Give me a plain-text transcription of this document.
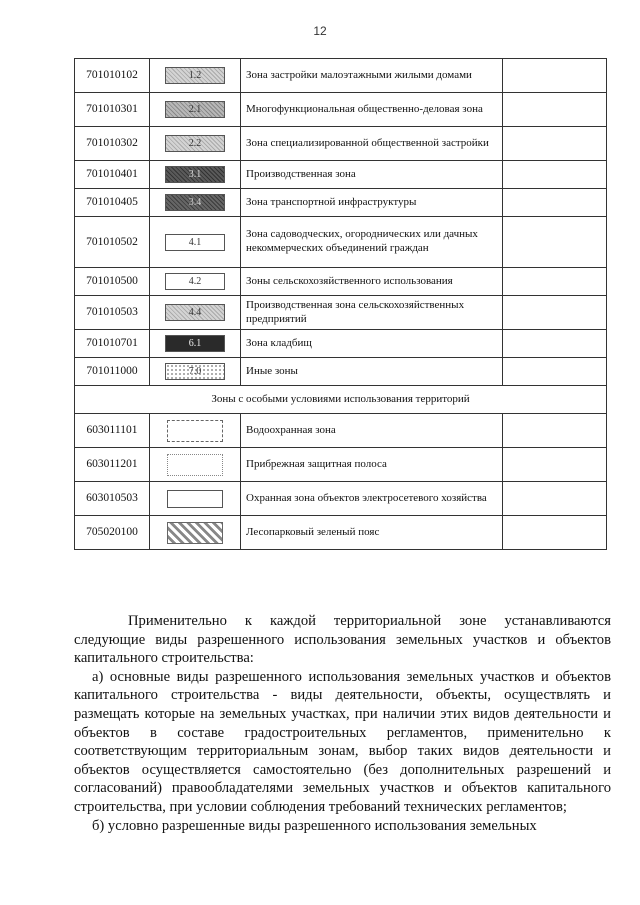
12
701010102	1.2	Зона застройки малоэтажными жилыми домами	
701010301	2.1	Многофункциональная общественно-деловая зона	
701010302	2.2	Зона специализированной общественной застройки	
701010401	3.1	Производственная зона	
701010405	3.4	Зона транспортной инфраструктуры	
701010502	4.1	Зона садоводческих, огороднических или дачных некоммерческих объединений граждан	
701010500	4.2	Зоны сельскохозяйственного использования	
701010503	4.4	Производственная зона сельскохозяйственных предприятий	
701010701	6.1	Зона кладбищ	
701011000	7.0	Иные зоны	
Зоны с особыми условиями использования территорий			
603011101		Водоохранная зона	
603011201		Прибрежная защитная полоса	
603010503		Охранная зона объектов электросетевого хозяйства	
705020100		Лесопарковый зеленый пояс	

Применительно к каждой территориальной зоне устанавливаются следующие виды разрешенного использования земельных участков и объектов капитального строительства:

а) основные виды разрешенного использования земельных участков и объектов капитального строительства - виды деятельности, объекты, осуществлять и размещать которые на земельных участках, при наличии этих видов деятельности и объектов в составе градостроительных регламентов, применительно к соответствующим территориальным зонам, выбор таких видов деятельности и объектов осуществляется самостоятельно (без дополнительных разрешений и согласований) правообладателями земельных участков и объектов капитального строительства, при условии соблюдения требований технических регламентов;

б) условно разрешенные виды разрешенного использования земельных
